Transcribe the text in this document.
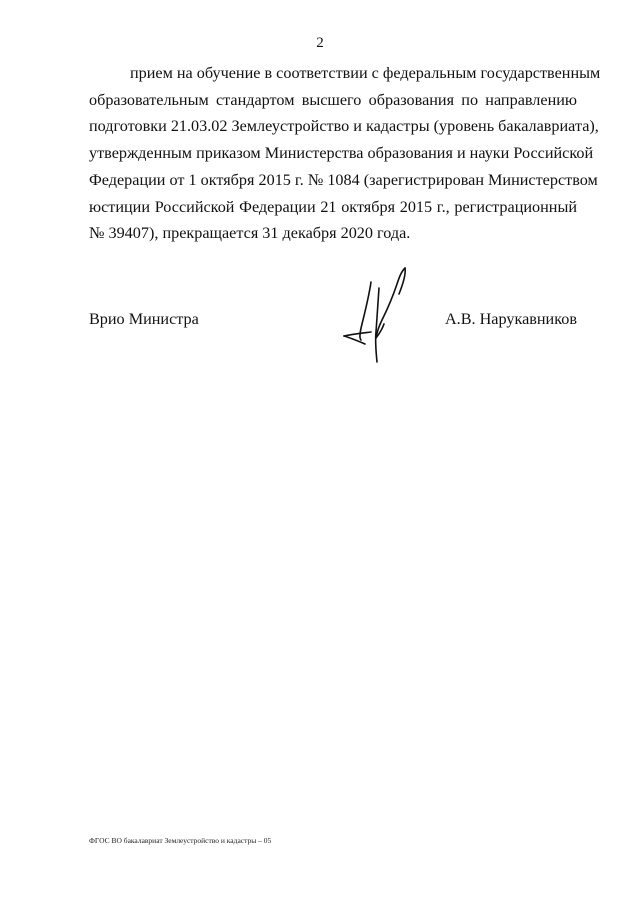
2
прием на обучение в соответствии с федеральным государственным
образовательным стандартом высшего образования по направлению
подготовки 21.03.02 Землеустройство и кадастры (уровень бакалавриата),
утвержденным приказом Министерства образования и науки Российской
Федерации от 1 октября 2015 г. № 1084 (зарегистрирован Министерством
юстиции Российской Федерации 21 октября 2015 г., регистрационный
№ 39407), прекращается 31 декабря 2020 года.
Врио Министра	А.В. Нарукавников
ФГОС ВО бакалавриат Землеустройство и кадастры – 05
